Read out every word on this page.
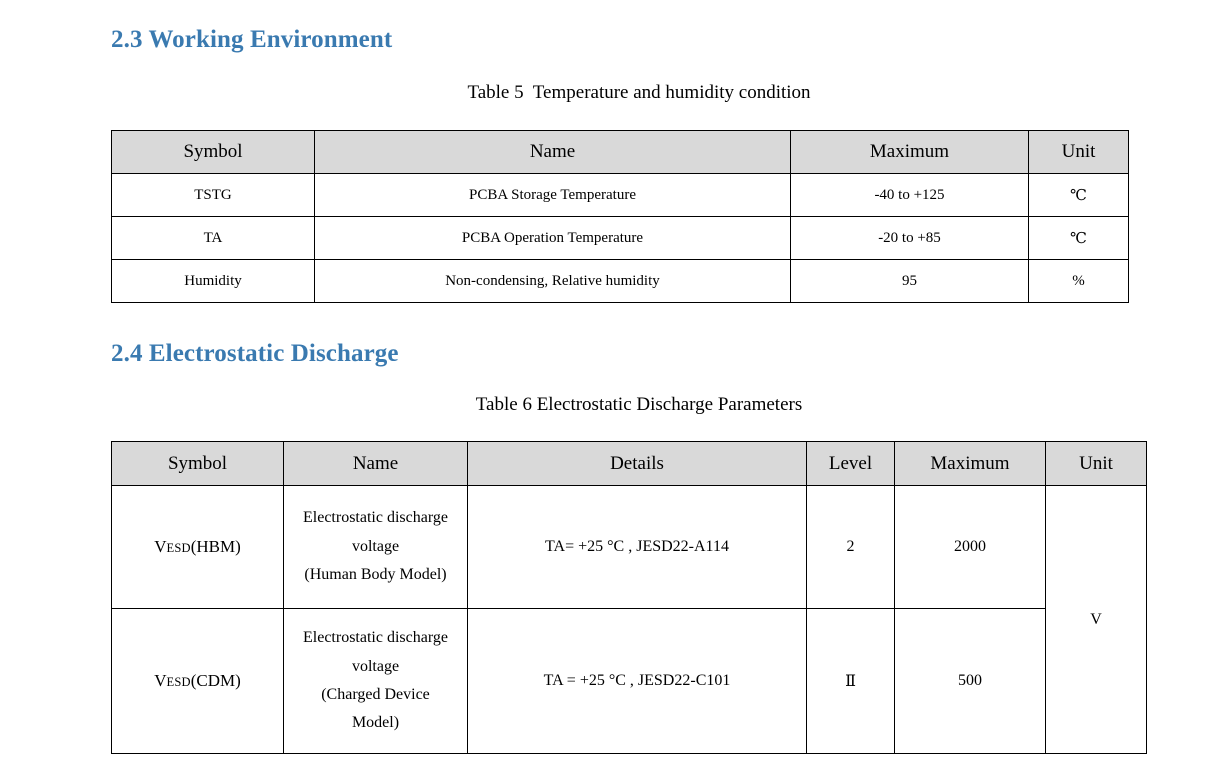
2.3 Working Environment
Table 5  Temperature and humidity condition
Symbol	Name	Maximum	Unit
TSTG	PCBA Storage Temperature	-40 to +125	℃
TA	PCBA Operation Temperature	-20 to +85	℃
Humidity	Non-condensing, Relative humidity	95	%
2.4 Electrostatic Discharge
Table 6 Electrostatic Discharge Parameters
Symbol	Name	Details	Level	Maximum	Unit
VESD(HBM)	Electrostatic discharge
voltage
(Human Body Model)	TA= +25 °C , JESD22-A114	2	2000	V
VESD(CDM)	Electrostatic discharge
voltage
(Charged Device
Model)	TA = +25 °C , JESD22-C101	Ⅱ	500	
